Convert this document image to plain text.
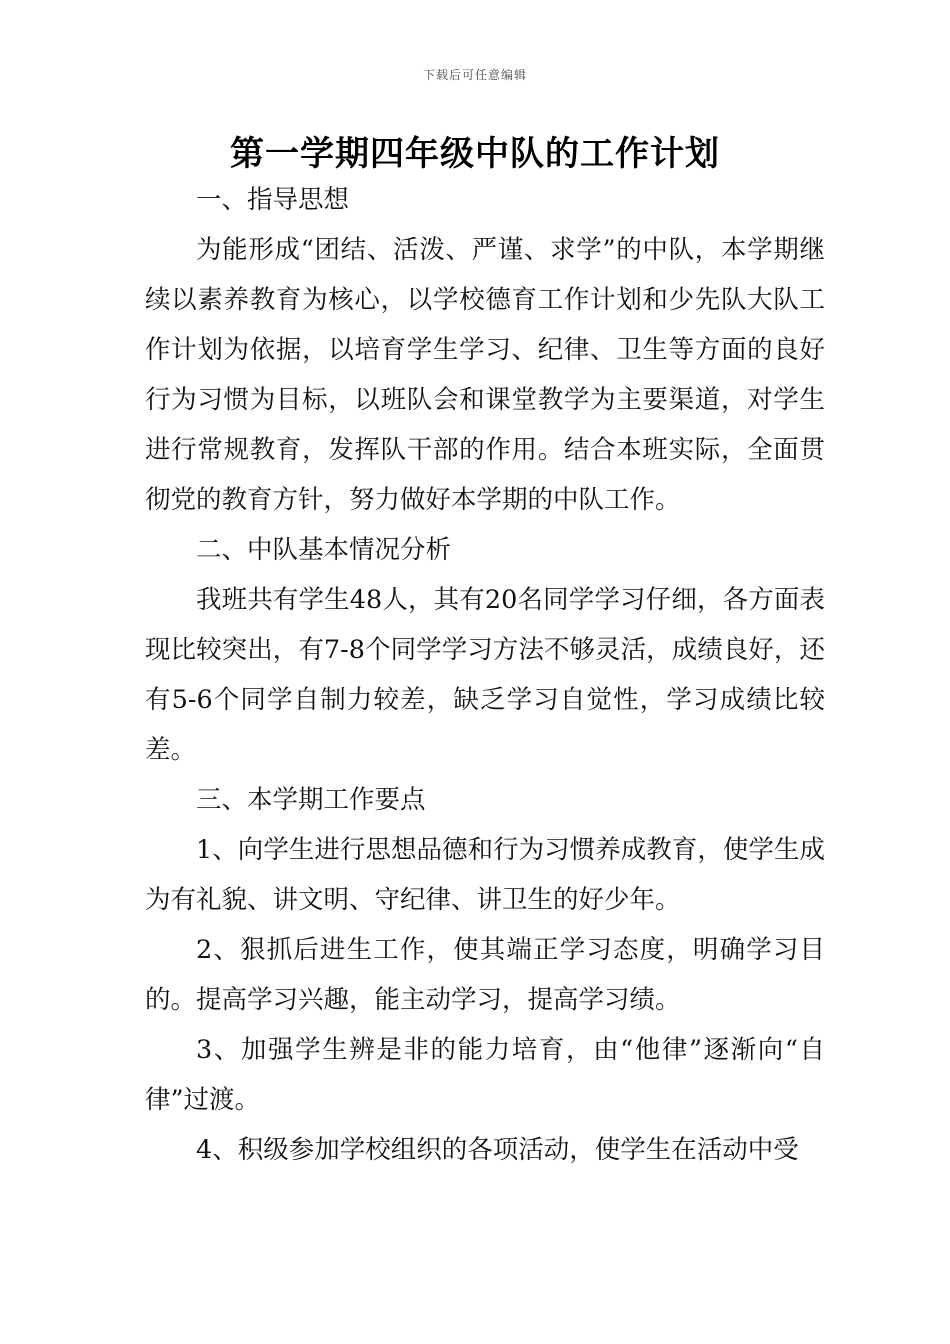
下载后可任意编辑
第一学期四年级中队的工作计划

一、指导思想

为能形成“团结、活泼、严谨、求学”的中队，本学期继续以素养教育为核心，以学校德育工作计划和少先队大队工作计划为依据，以培育学生学习、纪律、卫生等方面的良好行为习惯为目标，以班队会和课堂教学为主要渠道，对学生进行常规教育，发挥队干部的作用。结合本班实际，全面贯彻党的教育方针，努力做好本学期的中队工作。

二、中队基本情况分析

我班共有学生48人，其有20名同学学习仔细，各方面表现比较突出，有7-8个同学学习方法不够灵活，成绩良好，还有5-6个同学自制力较差，缺乏学习自觉性，学习成绩比较差。

三、本学期工作要点

1、向学生进行思想品德和行为习惯养成教育，使学生成为有礼貌、讲文明、守纪律、讲卫生的好少年。

2、狠抓后进生工作，使其端正学习态度，明确学习目的。提高学习兴趣，能主动学习，提高学习绩。

3、加强学生辨是非的能力培育，由“他律”逐渐向“自律”过渡。

4、积级参加学校组织的各项活动，使学生在活动中受
